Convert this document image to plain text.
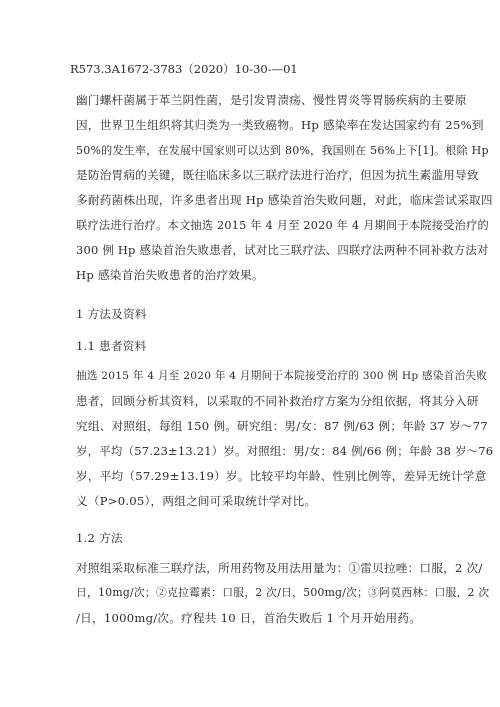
R573.3A1672-3783（2020）10-30-—01
幽门螺杆菌属于革兰阴性菌，是引发胃溃疡、慢性胃炎等胃肠疾病的主要原
因，世界卫生组织将其归类为一类致癌物。Hp 感染率在发达国家约有 25%到
50%的发生率，在发展中国家则可以达到 80%，我国则在 56%上下[1]。根除 Hp
是防治胃病的关键，既往临床多以三联疗法进行治疗，但因为抗生素滥用导致
多耐药菌株出现，许多患者出现 Hp 感染首治失败问题，对此，临床尝试采取四
联疗法进行治疗。本文抽选 2015 年 4 月至 2020 年 4 月期间于本院接受治疗的
300 例 Hp 感染首治失败患者，试对比三联疗法、四联疗法两种不同补救方法对
Hp 感染首治失败患者的治疗效果。
1 方法及资料
1.1 患者资料
抽选 2015 年 4 月至 2020 年 4 月期间于本院接受治疗的 300 例 Hp 感染首治失败
患者，回顾分析其资料，以采取的不同补救治疗方案为分组依据，将其分入研
究组、对照组，每组 150 例。研究组：男/女：87 例/63 例；年龄 37 岁～77
岁，平均（57.23±13.21）岁。对照组：男/女：84 例/66 例；年龄 38 岁～76
岁，平均（57.29±13.19）岁。比较平均年龄、性别比例等，差异无统计学意
义（P>0.05），两组之间可采取统计学对比。
1.2 方法
对照组采取标准三联疗法，所用药物及用法用量为：①雷贝拉唑：口服，2 次/
日，10mg/次；②克拉霉素：口服，2 次/日，500mg/次；③阿莫西林：口服，2 次
/日，1000mg/次。疗程共 10 日，首治失败后 1 个月开始用药。
